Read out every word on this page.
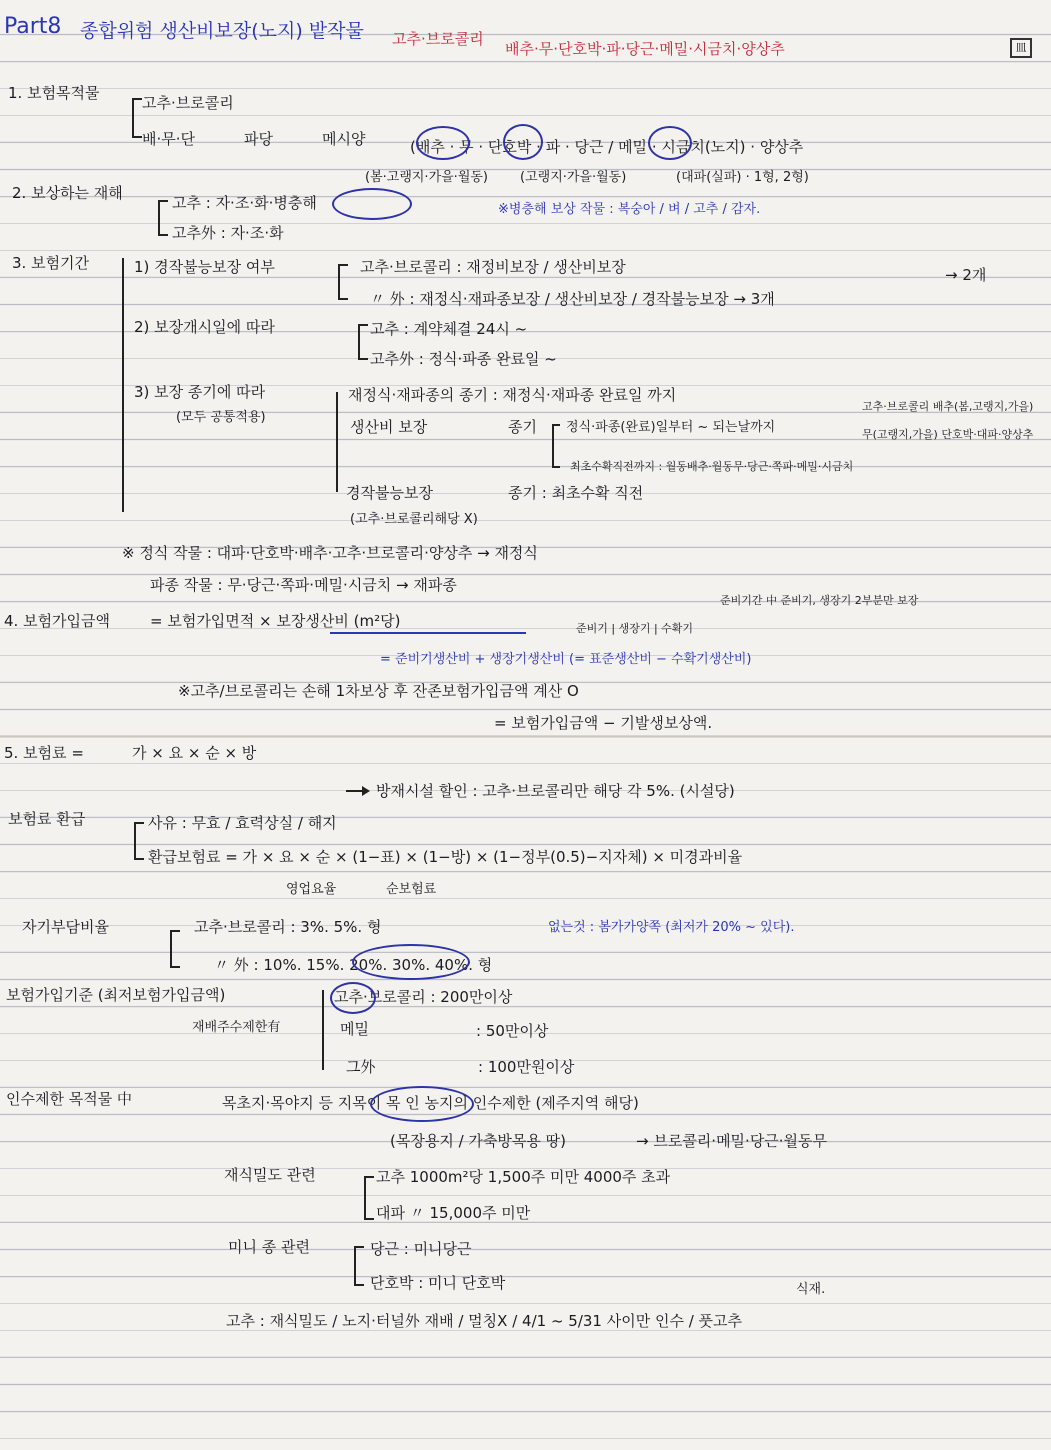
Part8 종합위험 생산비보장(노지) 밭작물 고추·브로콜리
배추·무·단호박·파·당근·메밀·시금치·양상추	皿
1. 보험목적물
고추·브로콜리
배·무·단	파당	메시양	(배추 · 무 · 단호박 · 파 · 당근 / 메밀 · 시금치(노지) · 양상추
(봄·고랭지·가을·월동) (고랭지·가을·월동)	(대파(실파) · 1형, 2형)
2. 보상하는 재해
고추 : 자·조·화·병충해
고추外 : 자·조·화
※병충해 보상 작물 : 복숭아 / 벼 / 고추 / 감자.
3. 보험기간	1) 경작불능보장 여부	고추·브로콜리 : 재정비보장 / 생산비보장	→ 2개
〃 外 : 재정식·재파종보장 / 생산비보장 / 경작불능보장 → 3개
2) 보장개시일에 따라	고추 : 계약체결 24시 ~
고추外 : 정식·파종 완료일 ~
3) 보장 종기에 따라
(모두 공통적용)
재정식·재파종의 종기 : 재정식·재파종 완료일 까지
생산비 보장	종기 정식·파종(완료)일부터 ~ 되는날까지
최초수확직전까지 : 월동배추·월동무·당근·쪽파·메밀·시금치
고추·브로콜리 배추(봄,고랭지,가을)
무(고랭지,가을) 단호박·대파·양상추
경작불능보장	종기 : 최초수확 직전
(고추·브로콜리해당 X)
※ 정식 작물 : 대파·단호박·배추·고추·브로콜리·양상추 → 재정식
파종 작물 : 무·당근·쪽파·메밀·시금치 → 재파종
4. 보험가입금액	= 보험가입면적 × 보장생산비 (m²당)
준비기간 中 준비기, 생장기 2부분만 보장
준비기 | 생장기 | 수확기
= 준비기생산비 + 생장기생산비 (= 표준생산비 − 수확기생산비)
※고추/브로콜리는 손해 1차보상 후 잔존보험가입금액 계산 O
= 보험가입금액 − 기발생보상액.
5. 보험료 =	가 × 요 × 순 × 방
방재시설 할인 : 고추·브로콜리만 해당 각 5%. (시설당)
보험료 환급	사유 : 무효 / 효력상실 / 해지
환급보험료 = 가 × 요 × 순 × (1−표) × (1−방) × (1−정부(0.5)−지자체) × 미경과비율
영업요율	순보험료
자기부담비율	고추·브로콜리 : 3%. 5%. 형	없는것 : 봄가가양쪽 (최저가 20% ~ 있다).
〃 外 : 10%. 15%. 20%. 30%. 40%. 형
보험가입기준 (최저보험가입금액)
재배주수제한有
고추·브로콜리 : 200만이상
메밀	: 50만이상
그外	: 100만원이상
인수제한 목적물 中	목초지·목야지 등 지목이 목 인 농지의 인수제한 (제주지역 해당)
(목장용지 / 가축방목용 땅)	→ 브로콜리·메밀·당근·월동무
재식밀도 관련	고추 1000m²당 1,500주 미만 4000주 초과
대파 〃 15,000주 미만
미니 종 관련	당근 : 미니당근
단호박 : 미니 단호박	식재.
고추 : 재식밀도 / 노지·터널外 재배 / 멀칭X / 4/1 ~ 5/31 사이만 인수 / 풋고추
